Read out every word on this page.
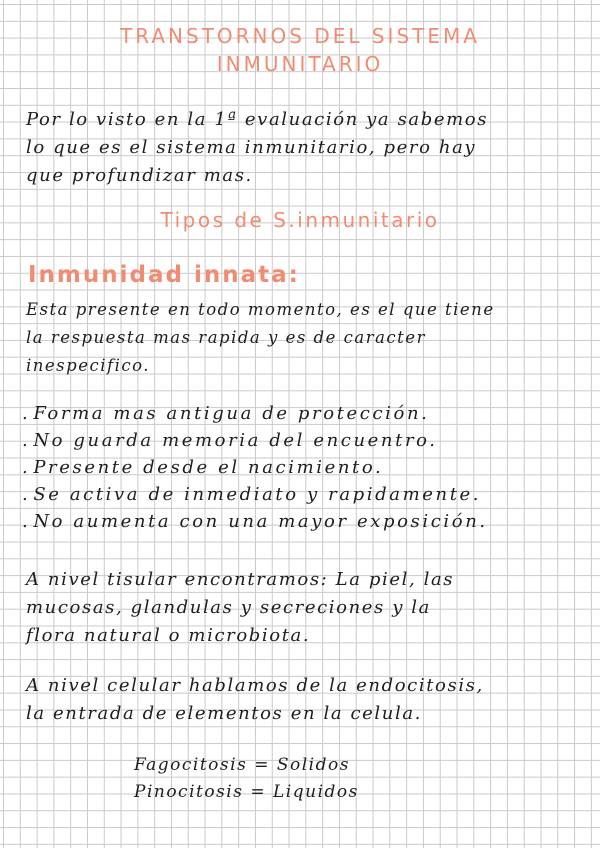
TRANSTORNOS DEL SISTEMA
INMUNITARIO

Por lo visto en la 1ª evaluación ya sabemos
lo que es el sistema inmunitario, pero hay
que profundizar mas.

Tipos de S.inmunitario
Inmunidad innata:

Esta presente en todo momento, es el que tiene
la respuesta mas rapida y es de caracter
inespecifico.

. Forma mas antigua de protección.
. No guarda memoria del encuentro.
. Presente desde el nacimiento.
. Se activa de inmediato y rapidamente.
. No aumenta con una mayor exposición.

A nivel tisular encontramos: La piel, las
mucosas, glandulas y secreciones y la
flora natural o microbiota.

A nivel celular hablamos de la endocitosis,
la entrada de elementos en la celula.

Fagocitosis = Solidos
Pinocitosis = Liquidos
